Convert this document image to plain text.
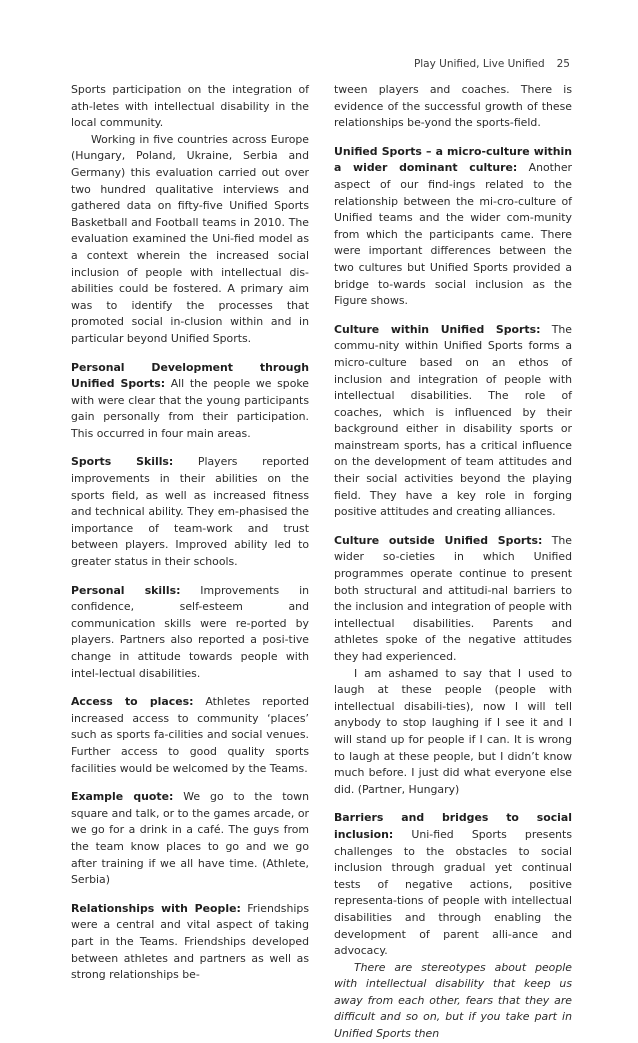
Play Unified, Live Unified 25

Sports participation on the integration of ath-letes with intellectual disability in the local community.

Working in five countries across Europe (Hungary, Poland, Ukraine, Serbia and Germany) this evaluation carried out over two hundred qualitative interviews and gathered data on fifty-five Unified Sports Basketball and Football teams in 2010. The evaluation examined the Uni-fied model as a context wherein the increased social inclusion of people with intellectual dis-abilities could be fostered. A primary aim was to identify the processes that promoted social in-clusion within and in particular beyond Unified Sports.

Personal Development through Unified Sports: All the people we spoke with were clear that the young participants gain personally from their participation. This occurred in four main areas.

Sports Skills: Players reported improvements in their abilities on the sports field, as well as increased fitness and technical ability. They em-phasised the importance of team-work and trust between players. Improved ability led to greater status in their schools.

Personal skills: Improvements in confidence, self-esteem and communication skills were re-ported by players. Partners also reported a posi-tive change in attitude towards people with intel-lectual disabilities.

Access to places: Athletes reported increased access to community ‘places’ such as sports fa-cilities and social venues. Further access to good quality sports facilities would be welcomed by the Teams.

Example quote: We go to the town square and talk, or to the games arcade, or we go for a drink in a café. The guys from the team know places to go and we go after training if we all have time. (Athlete, Serbia)

Relationships with People: Friendships were a central and vital aspect of taking part in the Teams. Friendships developed between athletes and partners as well as strong relationships be-

tween players and coaches. There is evidence of the successful growth of these relationships be-yond the sports-field.

Unified Sports – a micro-culture within a wider dominant culture: Another aspect of our find-ings related to the relationship between the mi-cro-culture of Unified teams and the wider com-munity from which the participants came. There were important differences between the two cultures but Unified Sports provided a bridge to-wards social inclusion as the Figure shows.

Culture within Unified Sports: The commu-nity within Unified Sports forms a micro-culture based on an ethos of inclusion and integration of people with intellectual disabilities. The role of coaches, which is influenced by their background either in disability sports or mainstream sports, has a critical influence on the development of team attitudes and their social activities beyond the playing field. They have a key role in forging positive attitudes and creating alliances.

Culture outside Unified Sports: The wider so-cieties in which Unified programmes operate continue to present both structural and attitudi-nal barriers to the inclusion and integration of people with intellectual disabilities. Parents and athletes spoke of the negative attitudes they had experienced.

I am ashamed to say that I used to laugh at these people (people with intellectual disabili-ties), now I will tell anybody to stop laughing if I see it and I will stand up for people if I can. It is wrong to laugh at these people, but I didn’t know much before. I just did what everyone else did. (Partner, Hungary)

Barriers and bridges to social inclusion: Uni-fied Sports presents challenges to the obstacles to social inclusion through gradual yet continual tests of negative actions, positive representa-tions of people with intellectual disabilities and through enabling the development of parent alli-ance and advocacy.

There are stereotypes about people with intellectual disability that keep us away from each other, fears that they are difficult and so on, but if you take part in Unified Sports then
